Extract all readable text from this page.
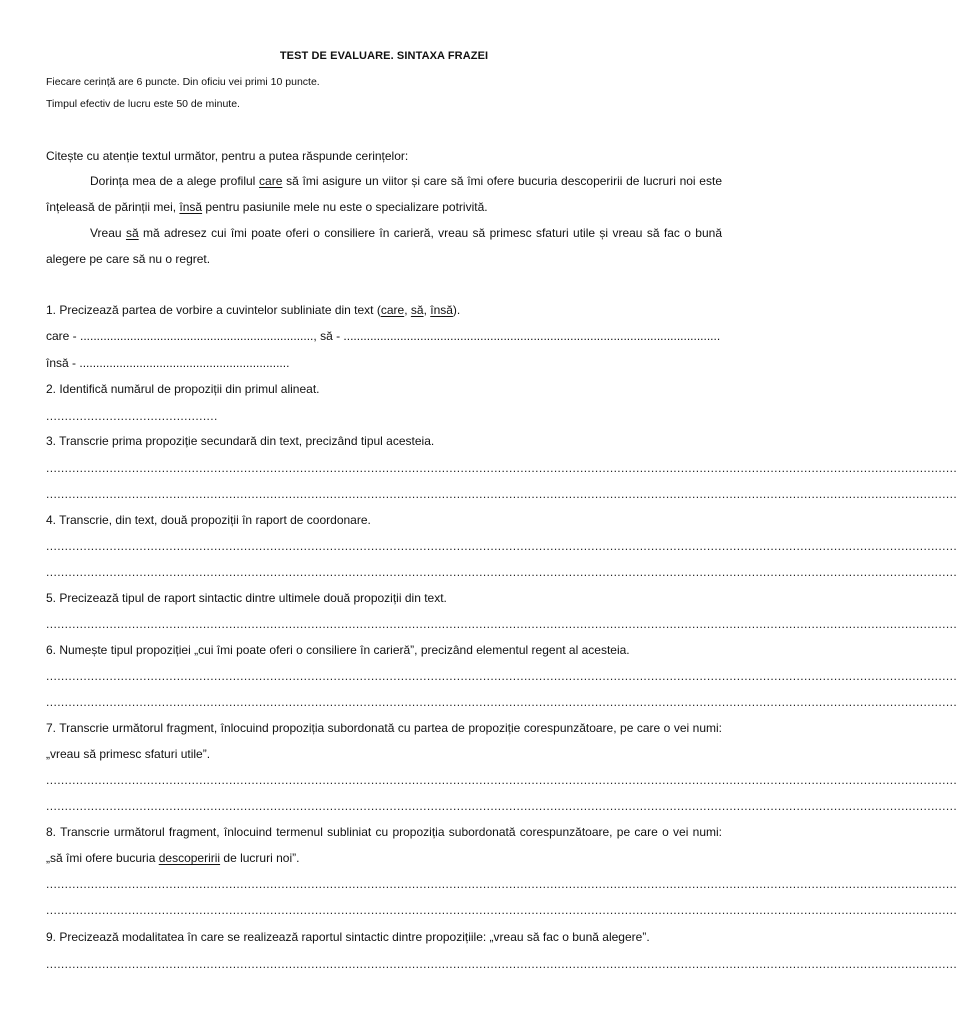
TEST DE EVALUARE. SINTAXA FRAZEI
Fiecare cerință are 6 puncte. Din oficiu vei primi 10 puncte.
Timpul efectiv de lucru este 50 de minute.
Citește cu atenție textul următor, pentru a putea răspunde cerințelor:
Dorința mea de a alege profilul care să îmi asigure un viitor și care să îmi ofere bucuria descoperirii de lucruri noi este înțeleasă de părinții mei, însă pentru pasiunile mele nu este o specializare potrivită.
Vreau să mă adresez cui îmi poate oferi o consiliere în carieră, vreau să primesc sfaturi utile și vreau să fac o bună alegere pe care să nu o regret.
1. Precizează partea de vorbire a cuvintelor subliniate din text (care, să, însă).
care - ......................................................................, să - .................................................................................................................
însă - ...............................................................
2. Identifică numărul de propoziții din primul alineat.
..............................................
3. Transcrie prima propoziție secundară din text, precizând tipul acesteia.
....................................................................................................................................................................................................................................................
....................................................................................................................................................................................................................................................
4. Transcrie, din text, două propoziții în raport de coordonare.
....................................................................................................................................................................................................................................................
....................................................................................................................................................................................................................................................
5. Precizează tipul de raport sintactic dintre ultimele două propoziții din text.
....................................................................................................................................................................................................................................................
6. Numește tipul propoziției „cui îmi poate oferi o consiliere în carieră”, precizând elementul regent al acesteia.
....................................................................................................................................................................................................................................................
....................................................................................................................................................................................................................................................
7. Transcrie următorul fragment, înlocuind propoziția subordonată cu partea de propoziție corespunzătoare, pe care o vei numi: „vreau să primesc sfaturi utile”.
....................................................................................................................................................................................................................................................
....................................................................................................................................................................................................................................................
8. Transcrie următorul fragment, înlocuind termenul subliniat cu propoziția subordonată corespunzătoare, pe care o vei numi: „să îmi ofere bucuria descoperirii de lucruri noi”.
....................................................................................................................................................................................................................................................
....................................................................................................................................................................................................................................................
9. Precizează modalitatea în care se realizează raportul sintactic dintre propozițiile: „vreau să fac o bună alegere”.
....................................................................................................................................................................................................................................................
